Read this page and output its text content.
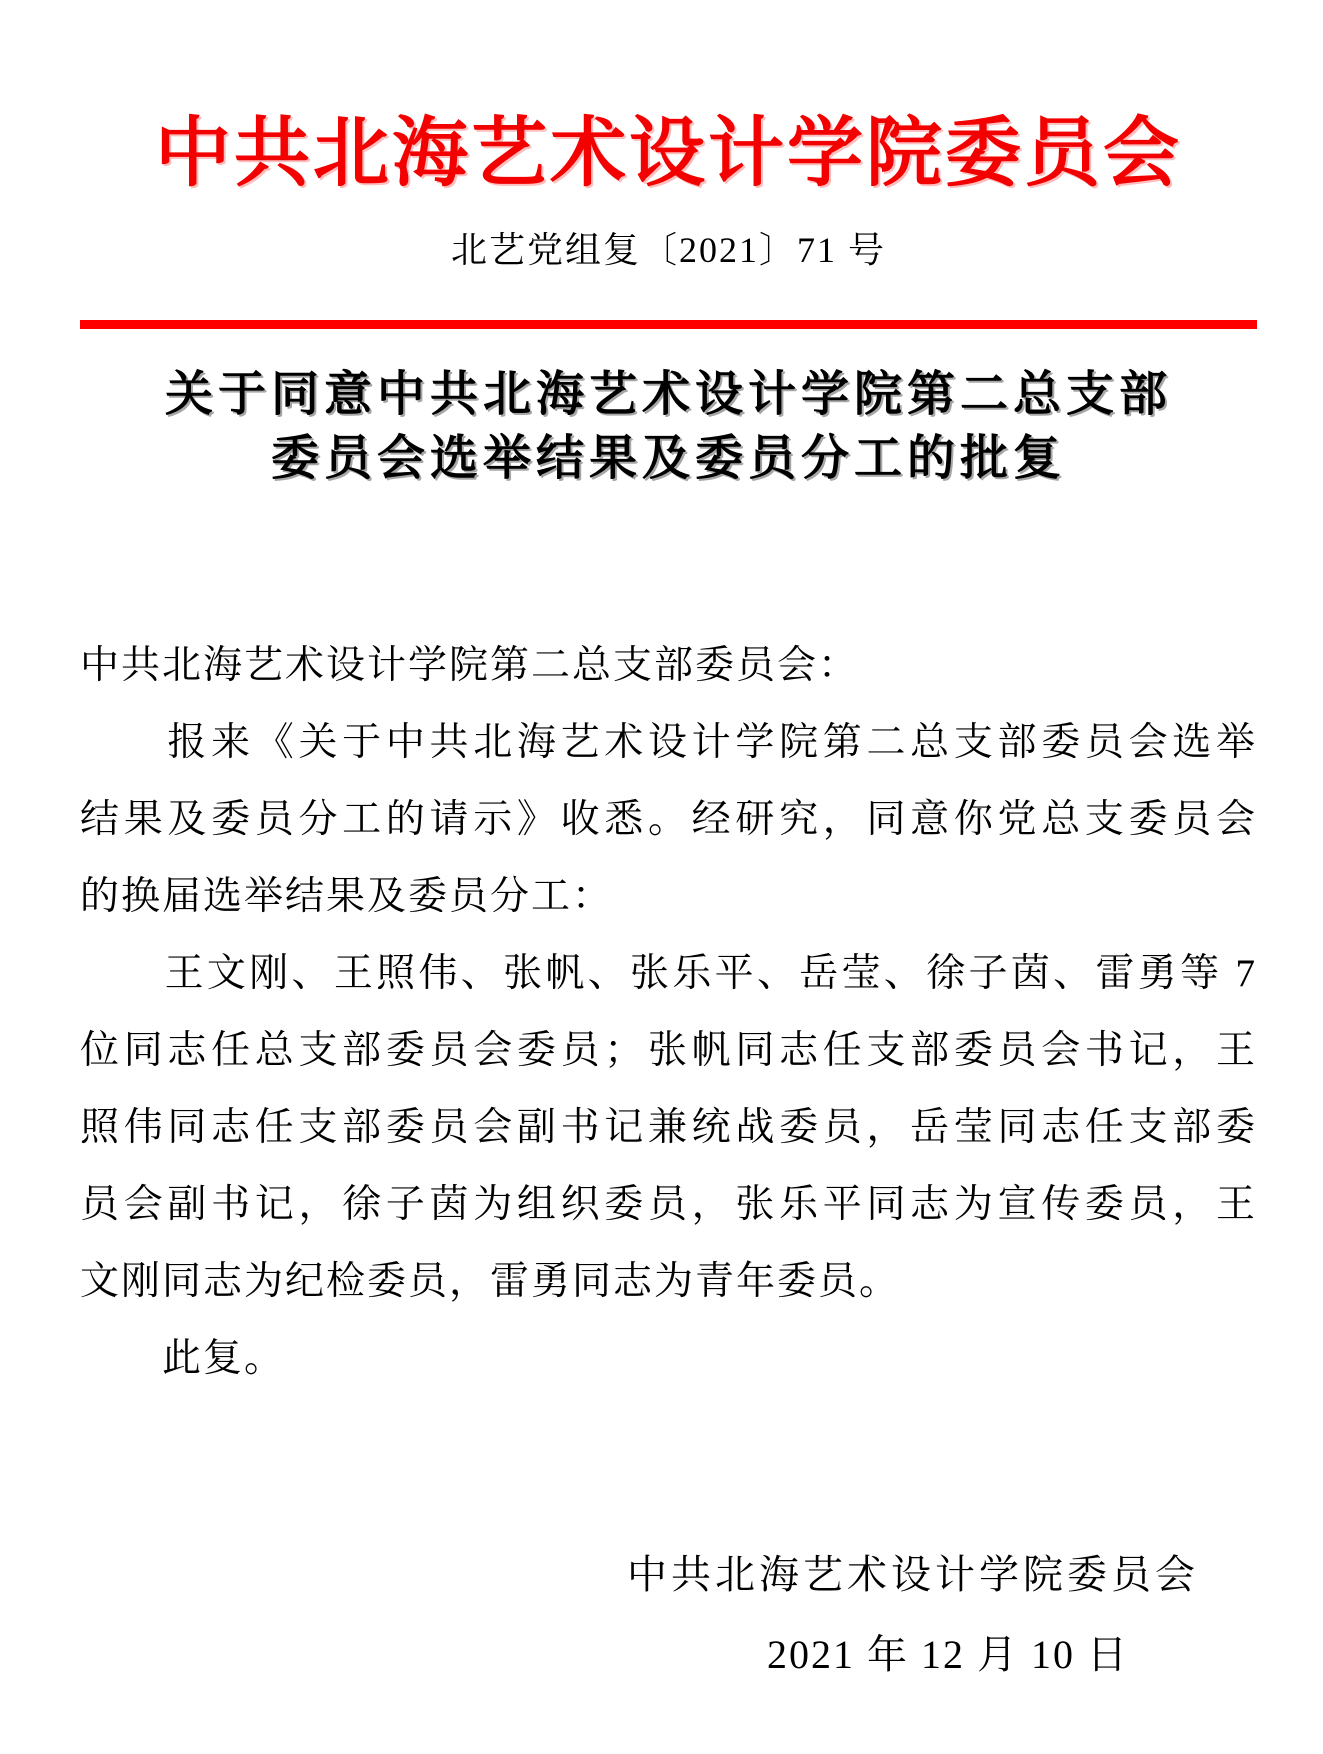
中共北海艺术设计学院委员会
北艺党组复〔2021〕71 号
关于同意中共北海艺术设计学院第二总支部
委员会选举结果及委员分工的批复
中共北海艺术设计学院第二总支部委员会：
　　报来《关于中共北海艺术设计学院第二总支部委员会选举
结果及委员分工的请示》收悉。经研究，同意你党总支委员会
的换届选举结果及委员分工：
　　王文刚、王照伟、张帆、张乐平、岳莹、徐子茵、雷勇等 7
位同志任总支部委员会委员；张帆同志任支部委员会书记，王
照伟同志任支部委员会副书记兼统战委员，岳莹同志任支部委
员会副书记，徐子茵为组织委员，张乐平同志为宣传委员，王
文刚同志为纪检委员，雷勇同志为青年委员。
　　此复。
中共北海艺术设计学院委员会
2021 年 12 月 10 日
